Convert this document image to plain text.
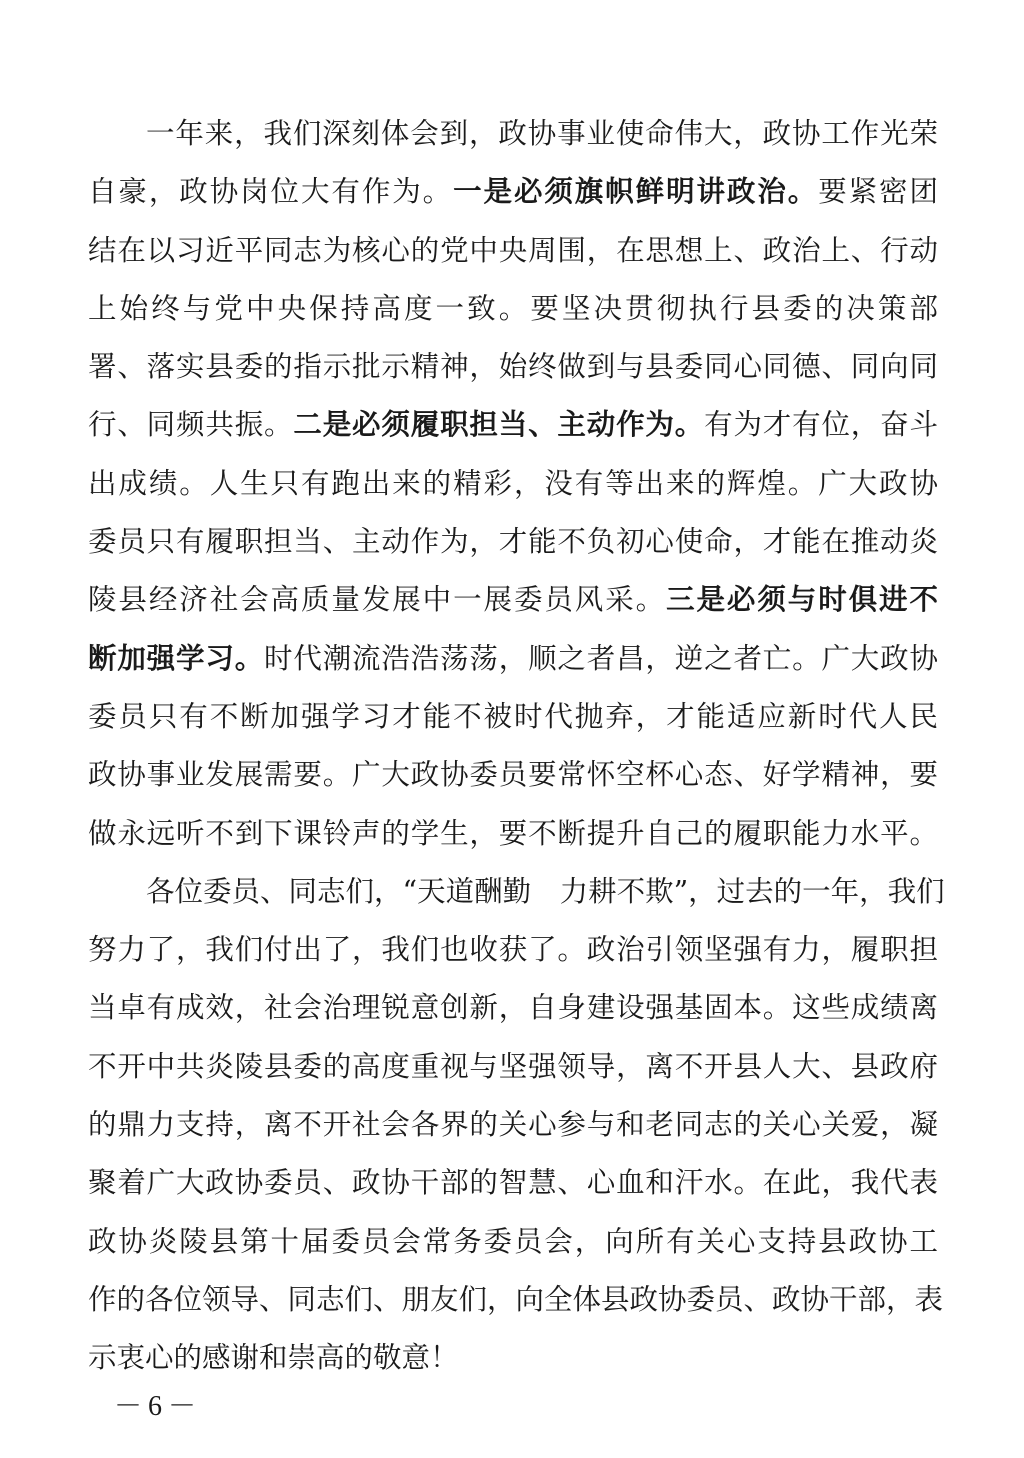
一年来，我们深刻体会到，政协事业使命伟大，政协工作光荣
自豪，政协岗位大有作为。一是必须旗帜鲜明讲政治。要紧密团
结在以习近平同志为核心的党中央周围，在思想上、政治上、行动
上始终与党中央保持高度一致。要坚决贯彻执行县委的决策部
署、落实县委的指示批示精神，始终做到与县委同心同德、同向同
行、同频共振。二是必须履职担当、主动作为。有为才有位，奋斗
出成绩。人生只有跑出来的精彩，没有等出来的辉煌。广大政协
委员只有履职担当、主动作为，才能不负初心使命，才能在推动炎
陵县经济社会高质量发展中一展委员风采。三是必须与时俱进不
断加强学习。时代潮流浩浩荡荡，顺之者昌，逆之者亡。广大政协
委员只有不断加强学习才能不被时代抛弃，才能适应新时代人民
政协事业发展需要。广大政协委员要常怀空杯心态、好学精神，要
做永远听不到下课铃声的学生，要不断提升自己的履职能力水平。
各位委员、同志们，“天道酬勤　力耕不欺”，过去的一年，我们
努力了，我们付出了，我们也收获了。政治引领坚强有力，履职担
当卓有成效，社会治理锐意创新，自身建设强基固本。这些成绩离
不开中共炎陵县委的高度重视与坚强领导，离不开县人大、县政府
的鼎力支持，离不开社会各界的关心参与和老同志的关心关爱，凝
聚着广大政协委员、政协干部的智慧、心血和汗水。在此，我代表
政协炎陵县第十届委员会常务委员会，向所有关心支持县政协工
作的各位领导、同志们、朋友们，向全体县政协委员、政协干部，表
示衷心的感谢和崇高的敬意！
－6－
